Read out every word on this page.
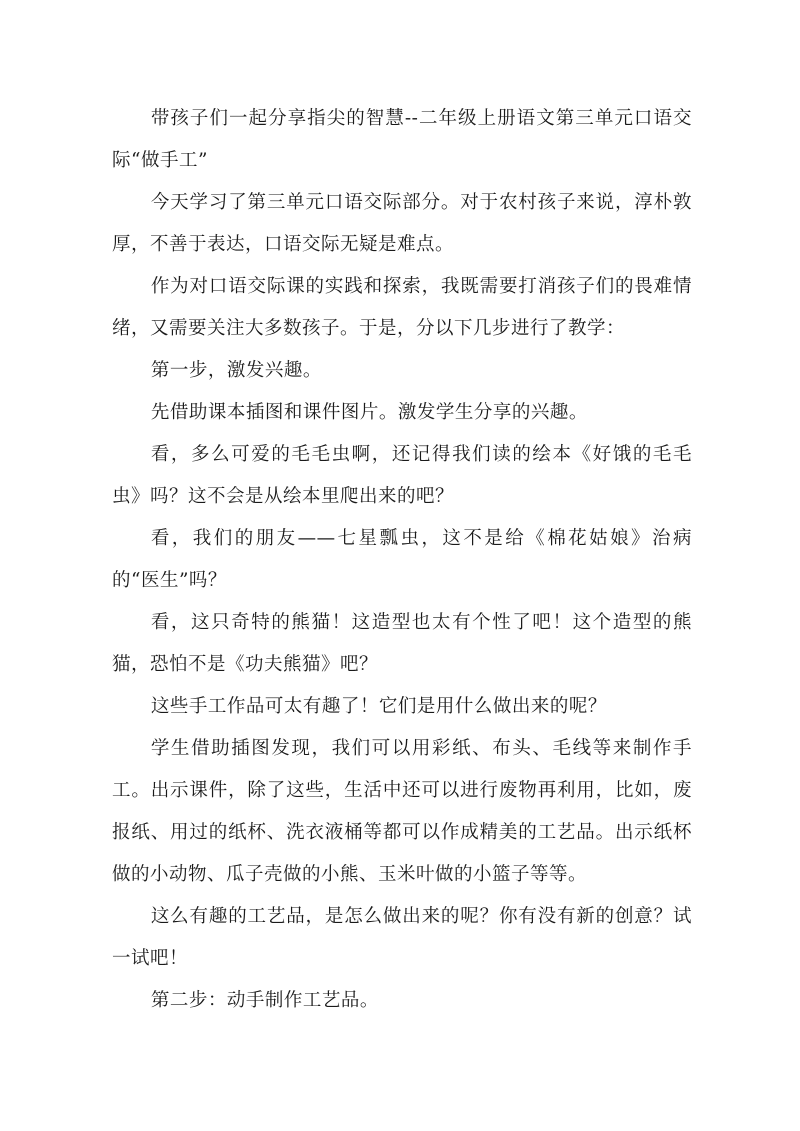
带孩子们一起分享指尖的智慧--二年级上册语文第三单元口语交际“做手工”

今天学习了第三单元口语交际部分。对于农村孩子来说，淳朴敦厚，不善于表达，口语交际无疑是难点。

作为对口语交际课的实践和探索，我既需要打消孩子们的畏难情绪，又需要关注大多数孩子。于是，分以下几步进行了教学：

第一步，激发兴趣。

先借助课本插图和课件图片。激发学生分享的兴趣。

看，多么可爱的毛毛虫啊，还记得我们读的绘本《好饿的毛毛虫》吗？这不会是从绘本里爬出来的吧？

看，我们的朋友——七星瓢虫，这不是给《棉花姑娘》治病的“医生”吗？

看，这只奇特的熊猫！这造型也太有个性了吧！这个造型的熊猫，恐怕不是《功夫熊猫》吧？

这些手工作品可太有趣了！它们是用什么做出来的呢？

学生借助插图发现，我们可以用彩纸、布头、毛线等来制作手工。出示课件，除了这些，生活中还可以进行废物再利用，比如，废报纸、用过的纸杯、洗衣液桶等都可以作成精美的工艺品。出示纸杯做的小动物、瓜子壳做的小熊、玉米叶做的小篮子等等。

这么有趣的工艺品，是怎么做出来的呢？你有没有新的创意？试一试吧！

第二步：动手制作工艺品。
